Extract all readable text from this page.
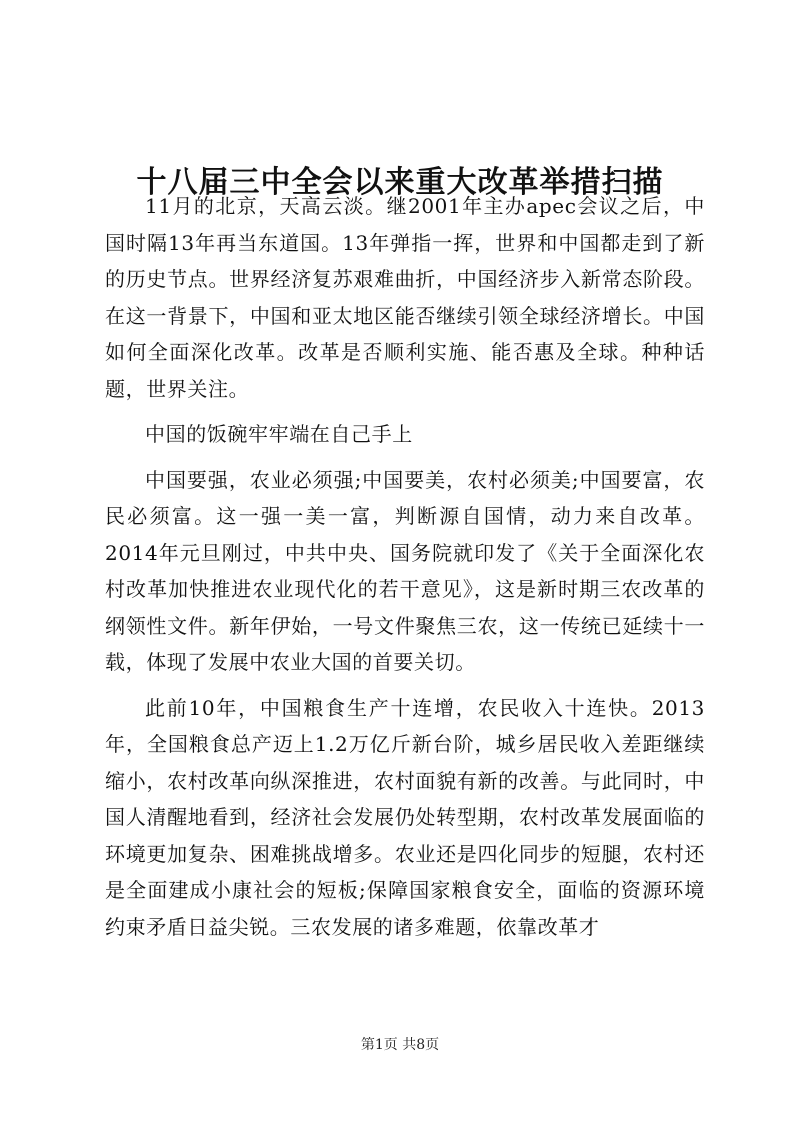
十八届三中全会以来重大改革举措扫描

11月的北京，天高云淡。继2001年主办apec会议之后，中国时隔13年再当东道国。13年弹指一挥，世界和中国都走到了新的历史节点。世界经济复苏艰难曲折，中国经济步入新常态阶段。在这一背景下，中国和亚太地区能否继续引领全球经济增长。中国如何全面深化改革。改革是否顺利实施、能否惠及全球。种种话题，世界关注。

中国的饭碗牢牢端在自己手上

中国要强，农业必须强;中国要美，农村必须美;中国要富，农民必须富。这一强一美一富，判断源自国情，动力来自改革。2014年元旦刚过，中共中央、国务院就印发了《关于全面深化农村改革加快推进农业现代化的若干意见》，这是新时期三农改革的纲领性文件。新年伊始，一号文件聚焦三农，这一传统已延续十一载，体现了发展中农业大国的首要关切。

此前10年，中国粮食生产十连增，农民收入十连快。2013年，全国粮食总产迈上1.2万亿斤新台阶，城乡居民收入差距继续缩小，农村改革向纵深推进，农村面貌有新的改善。与此同时，中国人清醒地看到，经济社会发展仍处转型期，农村改革发展面临的环境更加复杂、困难挑战增多。农业还是四化同步的短腿，农村还是全面建成小康社会的短板;保障国家粮食安全，面临的资源环境约束矛盾日益尖锐。三农发展的诸多难题，依靠改革才

第1页 共8页
